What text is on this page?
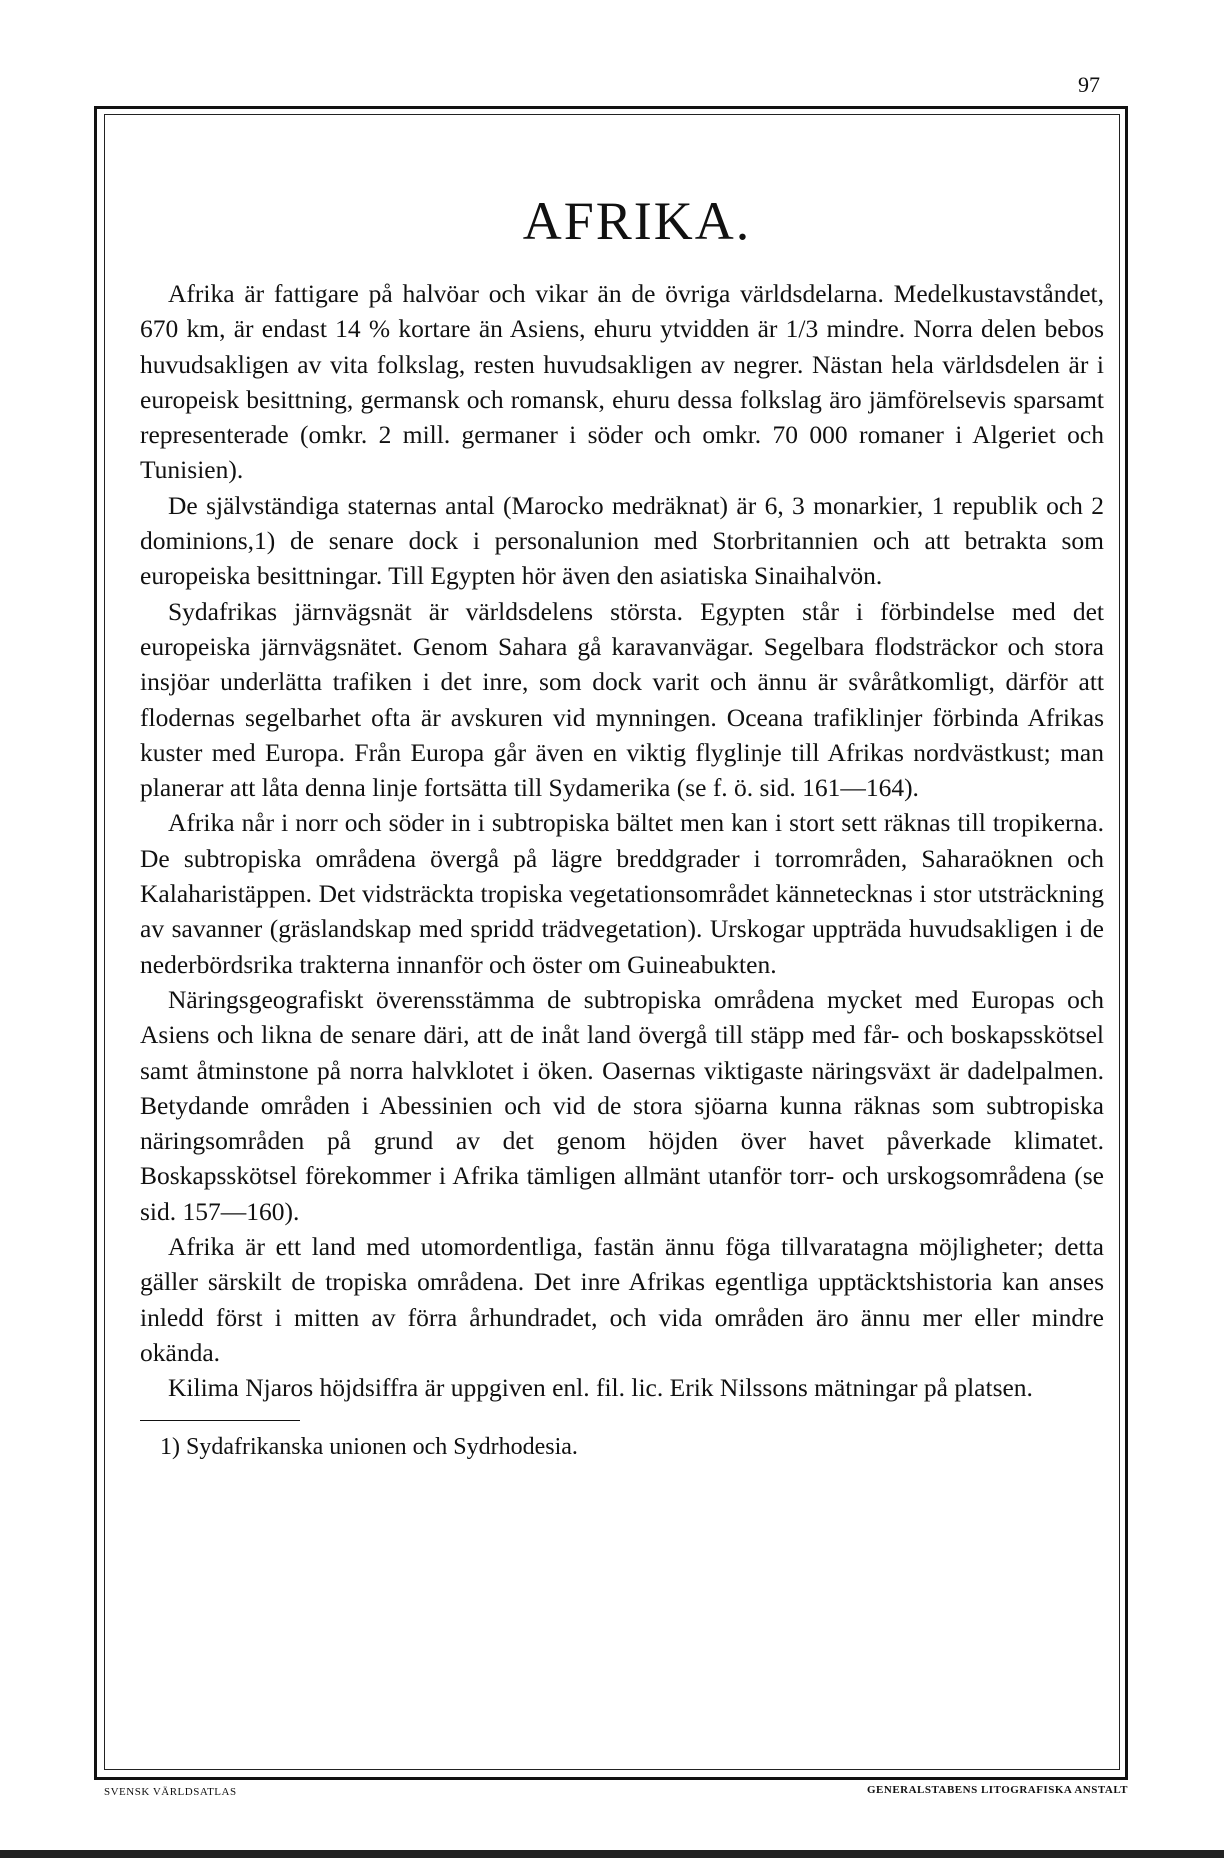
97
AFRIKA.

Afrika är fattigare på halvöar och vikar än de övriga världsdelarna. Medelkustavståndet, 670 km, är endast 14 % kortare än Asiens, ehuru ytvidden är 1/3 mindre. Norra delen bebos huvudsakligen av vita folkslag, resten huvudsakligen av negrer. Nästan hela världsdelen är i europeisk besittning, germansk och romansk, ehuru dessa folkslag äro jämförelsevis sparsamt representerade (omkr. 2 mill. germaner i söder och omkr. 70 000 romaner i Algeriet och Tunisien).

De självständiga staternas antal (Marocko medräknat) är 6, 3 monarkier, 1 republik och 2 dominions,1) de senare dock i personalunion med Storbritannien och att betrakta som europeiska besittningar. Till Egypten hör även den asiatiska Sinaihalvön.

Sydafrikas järnvägsnät är världsdelens största. Egypten står i förbindelse med det europeiska järnvägsnätet. Genom Sahara gå karavanvägar. Segelbara flodsträckor och stora insjöar underlätta trafiken i det inre, som dock varit och ännu är svåråtkomligt, därför att flodernas segelbarhet ofta är avskuren vid mynningen. Oceana trafiklinjer förbinda Afrikas kuster med Europa. Från Europa går även en viktig flyglinje till Afrikas nordvästkust; man planerar att låta denna linje fortsätta till Sydamerika (se f. ö. sid. 161—164).

Afrika når i norr och söder in i subtropiska bältet men kan i stort sett räknas till tropikerna. De subtropiska områdena övergå på lägre breddgrader i torrområden, Saharaöknen och Kalaharistäppen. Det vidsträckta tropiska vegetationsområdet kännetecknas i stor utsträckning av savanner (gräslandskap med spridd trädvegetation). Urskogar uppträda huvudsakligen i de nederbördsrika trakterna innanför och öster om Guineabukten.

Näringsgeografiskt överensstämma de subtropiska områdena mycket med Europas och Asiens och likna de senare däri, att de inåt land övergå till stäpp med får- och boskapsskötsel samt åtminstone på norra halvklotet i öken. Oasernas viktigaste näringsväxt är dadelpalmen. Betydande områden i Abessinien och vid de stora sjöarna kunna räknas som subtropiska näringsområden på grund av det genom höjden över havet påverkade klimatet. Boskapsskötsel förekommer i Afrika tämligen allmänt utanför torr- och urskogsområdena (se sid. 157—160).

Afrika är ett land med utomordentliga, fastän ännu föga tillvaratagna möjligheter; detta gäller särskilt de tropiska områdena. Det inre Afrikas egentliga upptäcktshistoria kan anses inledd först i mitten av förra århundradet, och vida områden äro ännu mer eller mindre okända.

Kilima Njaros höjdsiffra är uppgiven enl. fil. lic. Erik Nilssons mätningar på platsen.

1) Sydafrikanska unionen och Sydrhodesia.
SVENSK VÄRLDSATLAS	GENERALSTABENS LITOGRAFISKA ANSTALT
